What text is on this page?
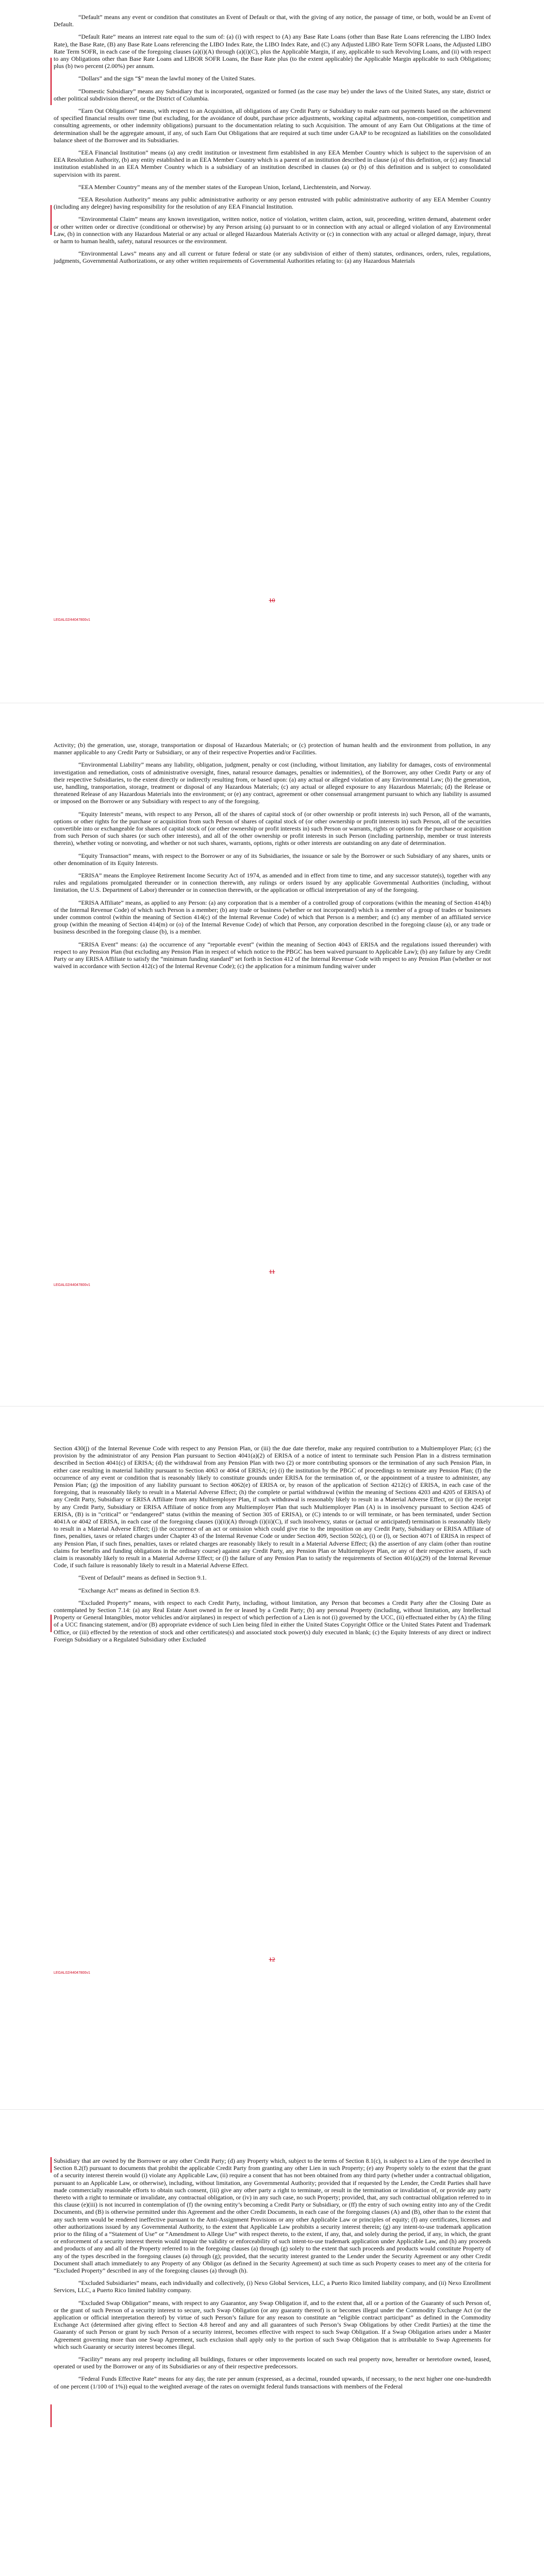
“Default” means any event or condition that constitutes an Event of Default or that, with the giving of any notice, the passage of time, or both, would be an Event of Default.

“Default Rate” means an interest rate equal to the sum of: (a) (i) with respect to (A) any Base Rate Loans (other than Base Rate Loans referencing the LIBO Index Rate), the Base Rate, (B) any Base Rate Loans referencing the LIBO Index Rate, the LIBO Index Rate, and (C) any Adjusted LIBO Rate Term SOFR Loans, the Adjusted LIBO Rate Term SOFR, in each case of the foregoing clauses (a)(i)(A) through (a)(i)(C), plus the Applicable Margin, if any, applicable to such Revolving Loans, and (ii) with respect to any Obligations other than Base Rate Loans and LIBOR SOFR Loans, the Base Rate plus (to the extent applicable) the Applicable Margin applicable to such Obligations; plus (b) two percent (2.00%) per annum.

“Dollars” and the sign “$” mean the lawful money of the United States.

“Domestic Subsidiary” means any Subsidiary that is incorporated, organized or formed (as the case may be) under the laws of the United States, any state, district or other political subdivision thereof, or the District of Columbia.

“Earn Out Obligations” means, with respect to an Acquisition, all obligations of any Credit Party or Subsidiary to make earn out payments based on the achievement of specified financial results over time (but excluding, for the avoidance of doubt, purchase price adjustments, working capital adjustments, non-competition, competition and consulting agreements, or other indemnity obligations) pursuant to the documentation relating to such Acquisition. The amount of any Earn Out Obligations at the time of determination shall be the aggregate amount, if any, of such Earn Out Obligations that are required at such time under GAAP to be recognized as liabilities on the consolidated balance sheet of the Borrower and its Subsidiaries.

“EEA Financial Institution” means (a) any credit institution or investment firm established in any EEA Member Country which is subject to the supervision of an EEA Resolution Authority, (b) any entity established in an EEA Member Country which is a parent of an institution described in clause (a) of this definition, or (c) any financial institution established in an EEA Member Country which is a subsidiary of an institution described in clauses (a) or (b) of this definition and is subject to consolidated supervision with its parent.

“EEA Member Country” means any of the member states of the European Union, Iceland, Liechtenstein, and Norway.

“EEA Resolution Authority” means any public administrative authority or any person entrusted with public administrative authority of any EEA Member Country (including any delegee) having responsibility for the resolution of any EEA Financial Institution.

“Environmental Claim” means any known investigation, written notice, notice of violation, written claim, action, suit, proceeding, written demand, abatement order or other written order or directive (conditional or otherwise) by any Person arising (a) pursuant to or in connection with any actual or alleged violation of any Environmental Law, (b) in connection with any Hazardous Material or any actual or alleged Hazardous Materials Activity or (c) in connection with any actual or alleged damage, injury, threat or harm to human health, safety, natural resources or the environment.

“Environmental Laws” means any and all current or future federal or state (or any subdivision of either of them) statutes, ordinances, orders, rules, regulations, judgments, Governmental Authorizations, or any other written requirements of Governmental Authorities relating to: (a) any Hazardous Materials

10
LEGAL02/44047800v1

Activity; (b) the generation, use, storage, transportation or disposal of Hazardous Materials; or (c) protection of human health and the environment from pollution, in any manner applicable to any Credit Party or Subsidiary, or any of their respective Properties and/or Facilities.

“Environmental Liability” means any liability, obligation, judgment, penalty or cost (including, without limitation, any liability for damages, costs of environmental investigation and remediation, costs of administrative oversight, fines, natural resource damages, penalties or indemnities), of the Borrower, any other Credit Party or any of their respective Subsidiaries, to the extent directly or indirectly resulting from, or based upon: (a) any actual or alleged violation of any Environmental Law; (b) the generation, use, handling, transportation, storage, treatment or disposal of any Hazardous Materials; (c) any actual or alleged exposure to any Hazardous Materials; (d) the Release or threatened Release of any Hazardous Materials into the environment; or (e) any contract, agreement or other consensual arrangement pursuant to which any liability is assumed or imposed on the Borrower or any Subsidiary with respect to any of the foregoing.

“Equity Interests” means, with respect to any Person, all of the shares of capital stock of (or other ownership or profit interests in) such Person, all of the warrants, options or other rights for the purchase or acquisition from such Person of shares of capital stock of (or other ownership or profit interests in) such Person, all of the securities convertible into or exchangeable for shares of capital stock of (or other ownership or profit interests in) such Person or warrants, rights or options for the purchase or acquisition from such Person of such shares (or such other interests), and all of the other ownership or profit interests in such Person (including partnership, member or trust interests therein), whether voting or nonvoting, and whether or not such shares, warrants, options, rights or other interests are outstanding on any date of determination.

“Equity Transaction” means, with respect to the Borrower or any of its Subsidiaries, the issuance or sale by the Borrower or such Subsidiary of any shares, units or other denomination of its Equity Interests.

“ERISA” means the Employee Retirement Income Security Act of 1974, as amended and in effect from time to time, and any successor statute(s), together with any rules and regulations promulgated thereunder or in connection therewith, any rulings or orders issued by any applicable Governmental Authorities (including, without limitation, the U.S. Department of Labor) thereunder or in connection therewith, or the application or official interpretation of any of the foregoing.

“ERISA Affiliate” means, as applied to any Person: (a) any corporation that is a member of a controlled group of corporations (within the meaning of Section 414(b) of the Internal Revenue Code) of which such Person is a member; (b) any trade or business (whether or not incorporated) which is a member of a group of trades or businesses under common control (within the meaning of Section 414(c) of the Internal Revenue Code) of which that Person is a member; and (c) any member of an affiliated service group (within the meaning of Section 414(m) or (o) of the Internal Revenue Code) of which that Person, any corporation described in the foregoing clause (a), or any trade or business described in the foregoing clause (b), is a member.

“ERISA Event” means: (a) the occurrence of any “reportable event” (within the meaning of Section 4043 of ERISA and the regulations issued thereunder) with respect to any Pension Plan (but excluding any Pension Plan in respect of which notice to the PBGC has been waived pursuant to Applicable Law); (b) any failure by any Credit Party or any ERISA Affiliate to satisfy the “minimum funding standard” set forth in Section 412 of the Internal Revenue Code with respect to any Pension Plan (whether or not waived in accordance with Section 412(c) of the Internal Revenue Code); (c) the application for a minimum funding waiver under

11
LEGAL02/44047800v1

Section 430(j) of the Internal Revenue Code with respect to any Pension Plan, or (iii) the due date therefor, make any required contribution to a Multiemployer Plan; (c) the provision by the administrator of any Pension Plan pursuant to Section 4041(a)(2) of ERISA of a notice of intent to terminate such Pension Plan in a distress termination described in Section 4041(c) of ERISA; (d) the withdrawal from any Pension Plan with two (2) or more contributing sponsors or the termination of any such Pension Plan, in either case resulting in material liability pursuant to Section 4063 or 4064 of ERISA; (e) (i) the institution by the PBGC of proceedings to terminate any Pension Plan; (f) the occurrence of any event or condition that is reasonably likely to constitute grounds under ERISA for the termination of, or the appointment of a trustee to administer, any Pension Plan; (g) the imposition of any liability pursuant to Section 4062(e) of ERISA or, by reason of the application of Section 4212(c) of ERISA, in each case of the foregoing, that is reasonably likely to result in a Material Adverse Effect; (h) the complete or partial withdrawal (within the meaning of Sections 4203 and 4205 of ERISA) of any Credit Party, Subsidiary or ERISA Affiliate from any Multiemployer Plan, if such withdrawal is reasonably likely to result in a Material Adverse Effect, or (ii) the receipt by any Credit Party, Subsidiary or ERISA Affiliate of notice from any Multiemployer Plan that such Multiemployer Plan (A) is in insolvency pursuant to Section 4245 of ERISA, (B) is in “critical” or “endangered” status (within the meaning of Section 305 of ERISA), or (C) intends to or will terminate, or has been terminated, under Section 4041A or 4042 of ERISA, in each case of the foregoing clauses (i)(ii)(A) through (i)(ii)(C), if such insolvency, status or (actual or anticipated) termination is reasonably likely to result in a Material Adverse Effect; (j) the occurrence of an act or omission which could give rise to the imposition on any Credit Party, Subsidiary or ERISA Affiliate of fines, penalties, taxes or related charges under Chapter 43 of the Internal Revenue Code or under Section 409, Section 502(c), (i) or (l), or Section 4071 of ERISA in respect of any Pension Plan, if such fines, penalties, taxes or related charges are reasonably likely to result in a Material Adverse Effect; (k) the assertion of any claim (other than routine claims for benefits and funding obligations in the ordinary course) against any Credit Party, any Pension Plan or Multiemployer Plan, or any of their respective assets, if such claim is reasonably likely to result in a Material Adverse Effect; or (l) the failure of any Pension Plan to satisfy the requirements of Section 401(a)(29) of the Internal Revenue Code, if such failure is reasonably likely to result in a Material Adverse Effect.

“Event of Default” means as defined in Section 9.1.

“Exchange Act” means as defined in Section 8.9.

“Excluded Property” means, with respect to each Credit Party, including, without limitation, any Person that becomes a Credit Party after the Closing Date as contemplated by Section 7.14: (a) any Real Estate Asset owned in fee or leased by a Credit Party; (b) any personal Property (including, without limitation, any Intellectual Property or General Intangibles, motor vehicles and/or airplanes) in respect of which perfection of a Lien is not (i) governed by the UCC, (ii) effectuated either by (A) the filing of a UCC financing statement, and/or (B) appropriate evidence of such Lien being filed in either the United States Copyright Office or the United States Patent and Trademark Office, or (iii) effected by the retention of stock and other certificates(s) and associated stock power(s) duly executed in blank; (c) the Equity Interests of any direct or indirect Foreign Subsidiary or a Regulated Subsidiary other Excluded

12
LEGAL02/44047800v1

Subsidiary that are owned by the Borrower or any other Credit Party; (d) any Property which, subject to the terms of Section 8.1(c), is subject to a Lien of the type described in Section 8.2(f) pursuant to documents that prohibit the applicable Credit Party from granting any other Lien in such Property; (e) any Property solely to the extent that the grant of a security interest therein would (i) violate any Applicable Law, (ii) require a consent that has not been obtained from any third party (whether under a contractual obligation, pursuant to an Applicable Law, or otherwise), including, without limitation, any Governmental Authority; provided that if requested by the Lender, the Credit Parties shall have made commercially reasonable efforts to obtain such consent, (iii) give any other party a right to terminate, or result in the termination or invalidation of, or provide any party thereto with a right to terminate or invalidate, any contractual obligation, or (iv) in any such case, no such Property; provided, that, any such contractual obligation referred to in this clause (e)(iii) is not incurred in contemplation of (f) the owning entity’s becoming a Credit Party or Subsidiary, or (ff) the entry of such owning entity into any of the Credit Documents, and (B) is otherwise permitted under this Agreement and the other Credit Documents, in each case of the foregoing clauses (A) and (B), other than to the extent that any such term would be rendered ineffective pursuant to the Anti-Assignment Provisions or any other Applicable Law or principles of equity; (f) any certificates, licenses and other authorizations issued by any Governmental Authority, to the extent that Applicable Law prohibits a security interest therein; (g) any intent-to-use trademark application prior to the filing of a “Statement of Use” or “Amendment to Allege Use” with respect thereto, to the extent, if any, that, and solely during the period, if any, in which, the grant or enforcement of a security interest therein would impair the validity or enforceability of such intent-to-use trademark application under Applicable Law, and (h) any proceeds and products of any and all of the Property referred to in the foregoing clauses (a) through (g) solely to the extent that such proceeds and products would constitute Property of any of the types described in the foregoing clauses (a) through (g); provided, that the security interest granted to the Lender under the Security Agreement or any other Credit Document shall attach immediately to any Property of any Obligor (as defined in the Security Agreement) at such time as such Property ceases to meet any of the criteria for “Excluded Property” described in any of the foregoing clauses (a) through (h).

“Excluded Subsidiaries” means, each individually and collectively, (i) Nexo Global Services, LLC, a Puerto Rico limited liability company, and (ii) Nexo Enrollment Services, LLC, a Puerto Rico limited liability company.

“Excluded Swap Obligation” means, with respect to any Guarantor, any Swap Obligation if, and to the extent that, all or a portion of the Guaranty of such Person of, or the grant of such Person of a security interest to secure, such Swap Obligation (or any guaranty thereof) is or becomes illegal under the Commodity Exchange Act (or the application or official interpretation thereof) by virtue of such Person’s failure for any reason to constitute an “eligible contract participant” as defined in the Commodity Exchange Act (determined after giving effect to Section 4.8 hereof and any and all guarantees of such Person’s Swap Obligations by other Credit Parties) at the time the Guaranty of such Person or grant by such Person of a security interest, becomes effective with respect to such Swap Obligation. If a Swap Obligation arises under a Master Agreement governing more than one Swap Agreement, such exclusion shall apply only to the portion of such Swap Obligation that is attributable to Swap Agreements for which such Guaranty or security interest becomes illegal.

“Facility” means any real property including all buildings, fixtures or other improvements located on such real property now, hereafter or heretofore owned, leased, operated or used by the Borrower or any of its Subsidiaries or any of their respective predecessors.

“Federal Funds Effective Rate” means for any day, the rate per annum (expressed, as a decimal, rounded upwards, if necessary, to the next higher one one-hundredth of one percent (1/100 of 1%)) equal to the weighted average of the rates on overnight federal funds transactions with members of the Federal
